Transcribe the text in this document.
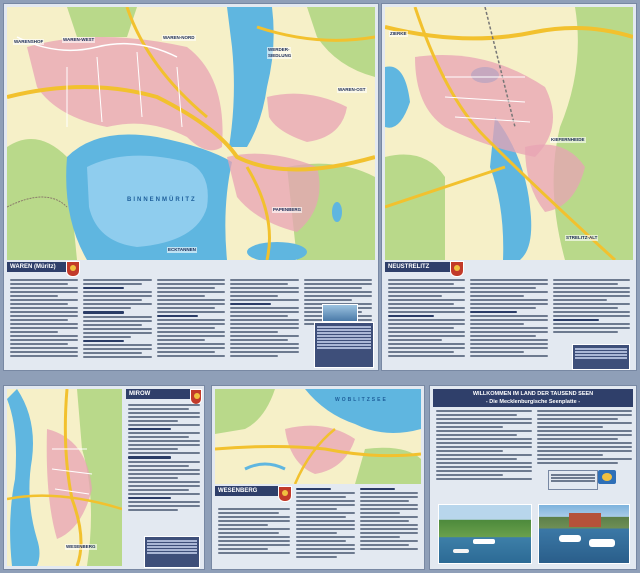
WARENSHOF	WAREN-WEST	WAREN-NORD
WERDER-
SIEDLUNG
WAREN-OST
PAPENBERG
ECKTANNEN
BINNENMÜRITZ
WAREN (Müritz)
ZIERKE
KIEFERNHEIDE
STRELITZ-ALT
NEUSTRELITZ
WESENBERG
MIROW
WOBLITZSEE
WESENBERG
WILLKOMMEN IM LAND DER TAUSEND SEEN
- Die Mecklenburgische Seenplatte -
